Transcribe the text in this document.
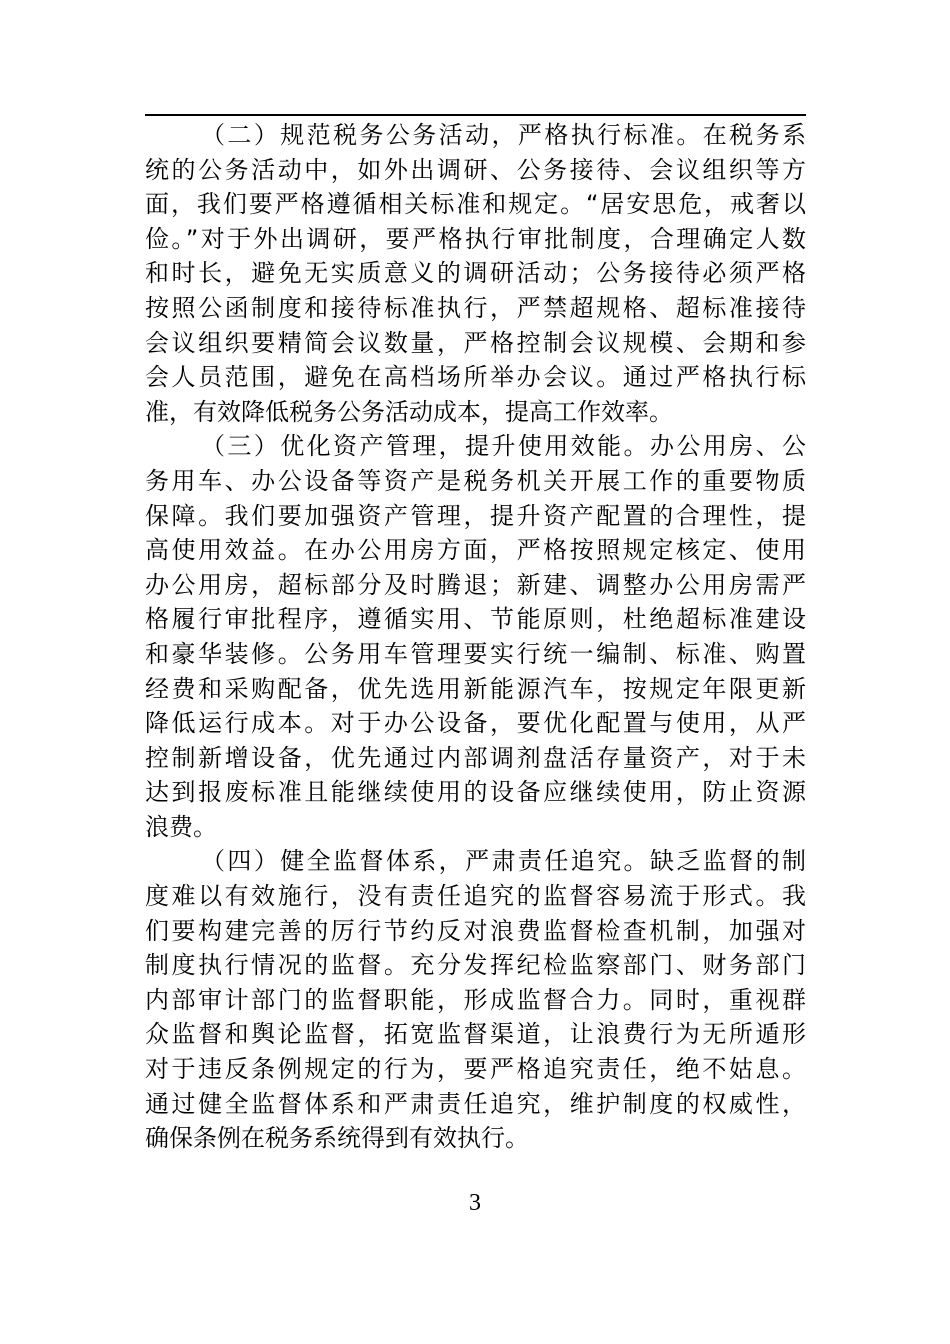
（二）规范税务公务活动，严格执行标准。在税务系
统的公务活动中，如外出调研、公务接待、会议组织等方
面，我们要严格遵循相关标准和规定。“居安思危，戒奢以
俭。”对于外出调研，要严格执行审批制度，合理确定人数
和时长，避免无实质意义的调研活动；公务接待必须严格
按照公函制度和接待标准执行，严禁超规格、超标准接待
会议组织要精简会议数量，严格控制会议规模、会期和参
会人员范围，避免在高档场所举办会议。通过严格执行标
准，有效降低税务公务活动成本，提高工作效率。
（三）优化资产管理，提升使用效能。办公用房、公
务用车、办公设备等资产是税务机关开展工作的重要物质
保障。我们要加强资产管理，提升资产配置的合理性，提
高使用效益。在办公用房方面，严格按照规定核定、使用
办公用房，超标部分及时腾退；新建、调整办公用房需严
格履行审批程序，遵循实用、节能原则，杜绝超标准建设
和豪华装修。公务用车管理要实行统一编制、标准、购置
经费和采购配备，优先选用新能源汽车，按规定年限更新
降低运行成本。对于办公设备，要优化配置与使用，从严
控制新增设备，优先通过内部调剂盘活存量资产，对于未
达到报废标准且能继续使用的设备应继续使用，防止资源
浪费。
（四）健全监督体系，严肃责任追究。缺乏监督的制
度难以有效施行，没有责任追究的监督容易流于形式。我
们要构建完善的厉行节约反对浪费监督检查机制，加强对
制度执行情况的监督。充分发挥纪检监察部门、财务部门
内部审计部门的监督职能，形成监督合力。同时，重视群
众监督和舆论监督，拓宽监督渠道，让浪费行为无所遁形
对于违反条例规定的行为，要严格追究责任，绝不姑息。
通过健全监督体系和严肃责任追究，维护制度的权威性，
确保条例在税务系统得到有效执行。
3
